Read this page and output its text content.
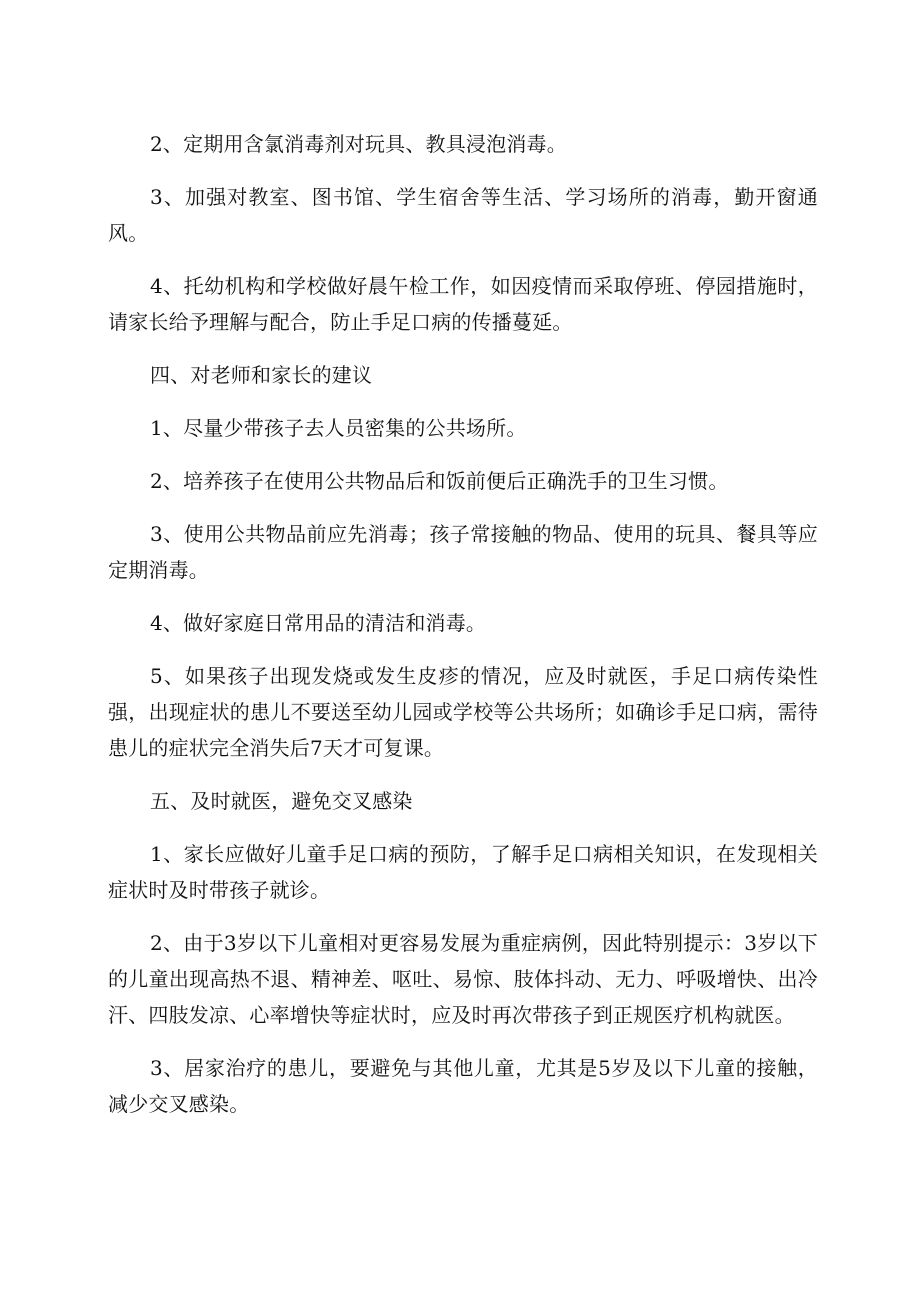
2、定期用含氯消毒剂对玩具、教具浸泡消毒。

3、加强对教室、图书馆、学生宿舍等生活、学习场所的消毒，勤开窗通风。

4、托幼机构和学校做好晨午检工作，如因疫情而采取停班、停园措施时，请家长给予理解与配合，防止手足口病的传播蔓延。

四、对老师和家长的建议

1、尽量少带孩子去人员密集的公共场所。

2、培养孩子在使用公共物品后和饭前便后正确洗手的卫生习惯。

3、使用公共物品前应先消毒；孩子常接触的物品、使用的玩具、餐具等应定期消毒。

4、做好家庭日常用品的清洁和消毒。

5、如果孩子出现发烧或发生皮疹的情况，应及时就医，手足口病传染性强，出现症状的患儿不要送至幼儿园或学校等公共场所；如确诊手足口病，需待患儿的症状完全消失后7天才可复课。

五、及时就医，避免交叉感染

1、家长应做好儿童手足口病的预防，了解手足口病相关知识，在发现相关症状时及时带孩子就诊。

2、由于3岁以下儿童相对更容易发展为重症病例，因此特别提示：3岁以下的儿童出现高热不退、精神差、呕吐、易惊、肢体抖动、无力、呼吸增快、出冷汗、四肢发凉、心率增快等症状时，应及时再次带孩子到正规医疗机构就医。

3、居家治疗的患儿，要避免与其他儿童，尤其是5岁及以下儿童的接触，减少交叉感染。
